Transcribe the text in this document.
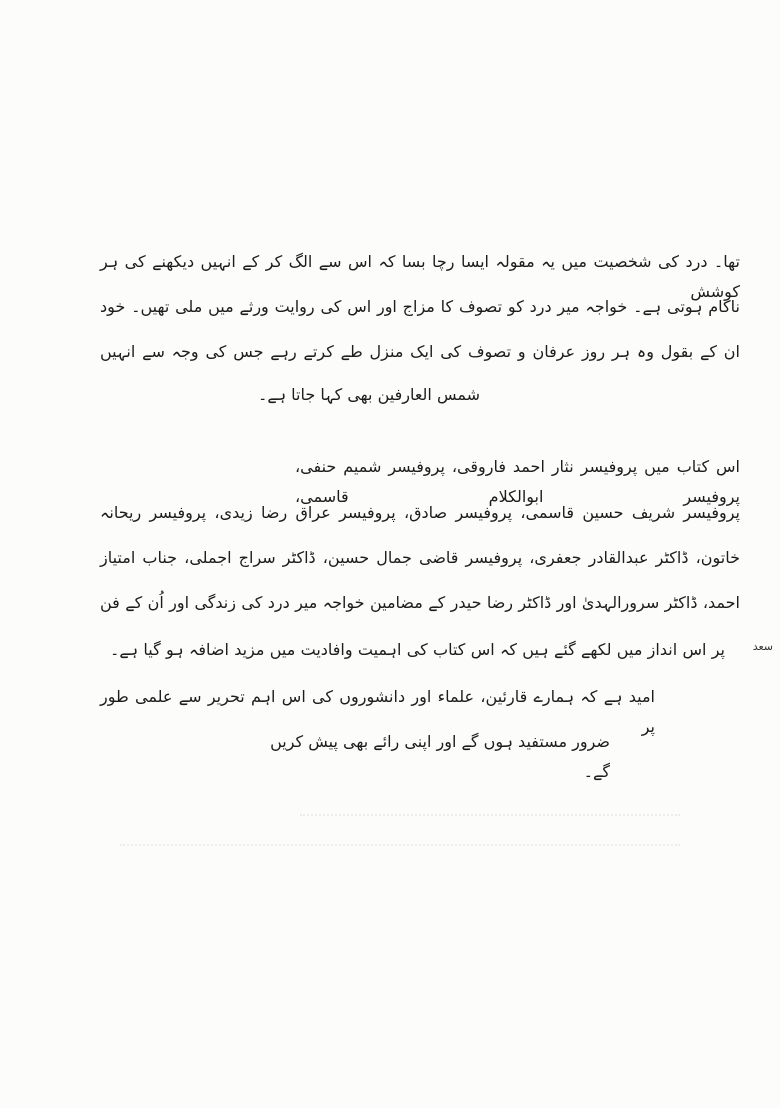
تھا۔ درد کی شخصیت میں یہ مقولہ ایسا رچا بسا کہ اس سے الگ کر کے انہیں دیکھنے کی ہر کوشش
ناکام ہوتی ہے۔ خواجہ میر درد کو تصوف کا مزاج اور اس کی روایت ورثے میں ملی تھیں۔ خود
ان کے بقول وہ ہر روز عرفان و تصوف کی ایک منزل طے کرتے رہے جس کی وجہ سے انہیں
شمس العارفین بھی کہا جاتا ہے۔
اس کتاب میں پروفیسر نثار احمد فاروقی، پروفیسر شمیم حنفی، پروفیسر ابوالکلام قاسمی،
پروفیسر شریف حسین قاسمی، پروفیسر صادق، پروفیسر عراق رضا زیدی، پروفیسر ریحانہ
خاتون، ڈاکٹر عبدالقادر جعفری، پروفیسر قاضی جمال حسین، ڈاکٹر سراج اجملی، جناب امتیاز
احمد، ڈاکٹر سرورالہدیٰ اور ڈاکٹر رضا حیدر کے مضامین خواجہ میر درد کی زندگی اور اُن کے فن
پر اس انداز میں لکھے گئے ہیں کہ اس کتاب کی اہمیت وافادیت میں مزید اضافہ ہو گیا ہے۔	سعد
امید ہے کہ ہمارے قارئین، علماء اور دانشوروں کی اس اہم تحریر سے علمی طور پر
ضرور مستفید ہوں گے اور اپنی رائے بھی پیش کریں گے۔
